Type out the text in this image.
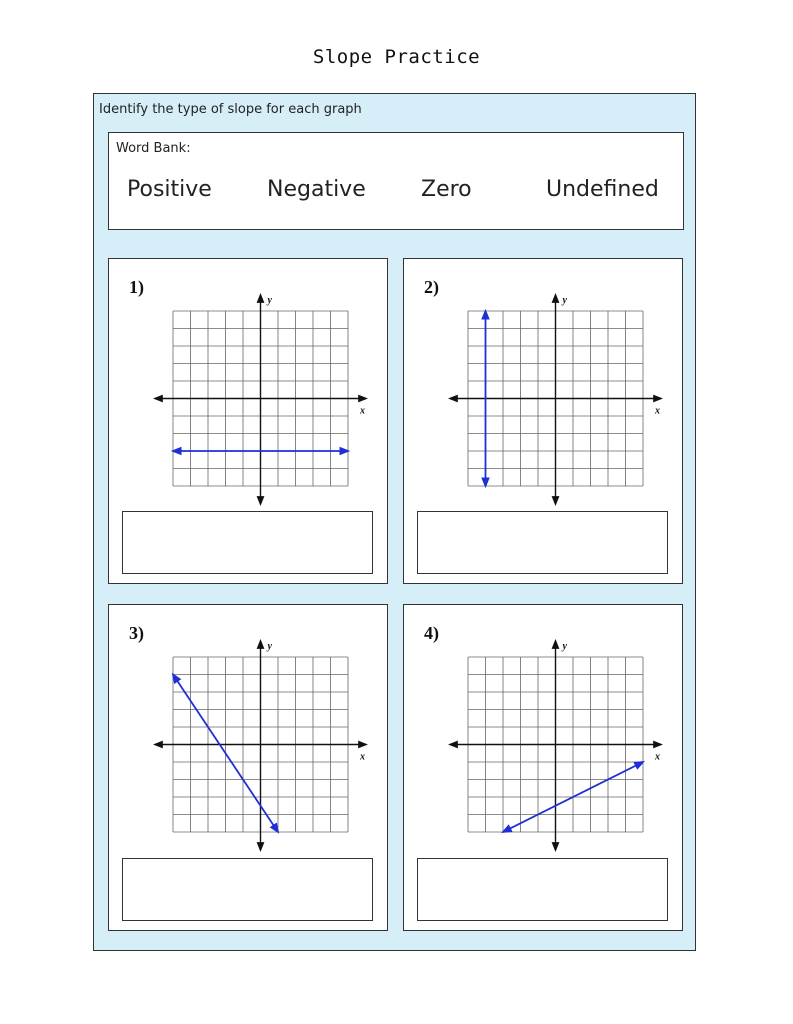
Slope Practice
Identify the type of slope for each graph
Word Bank:
Positive	Negative	Zero	Undefined
1)
x
y
2)
x
y
3)
x
y
4)
x
y
